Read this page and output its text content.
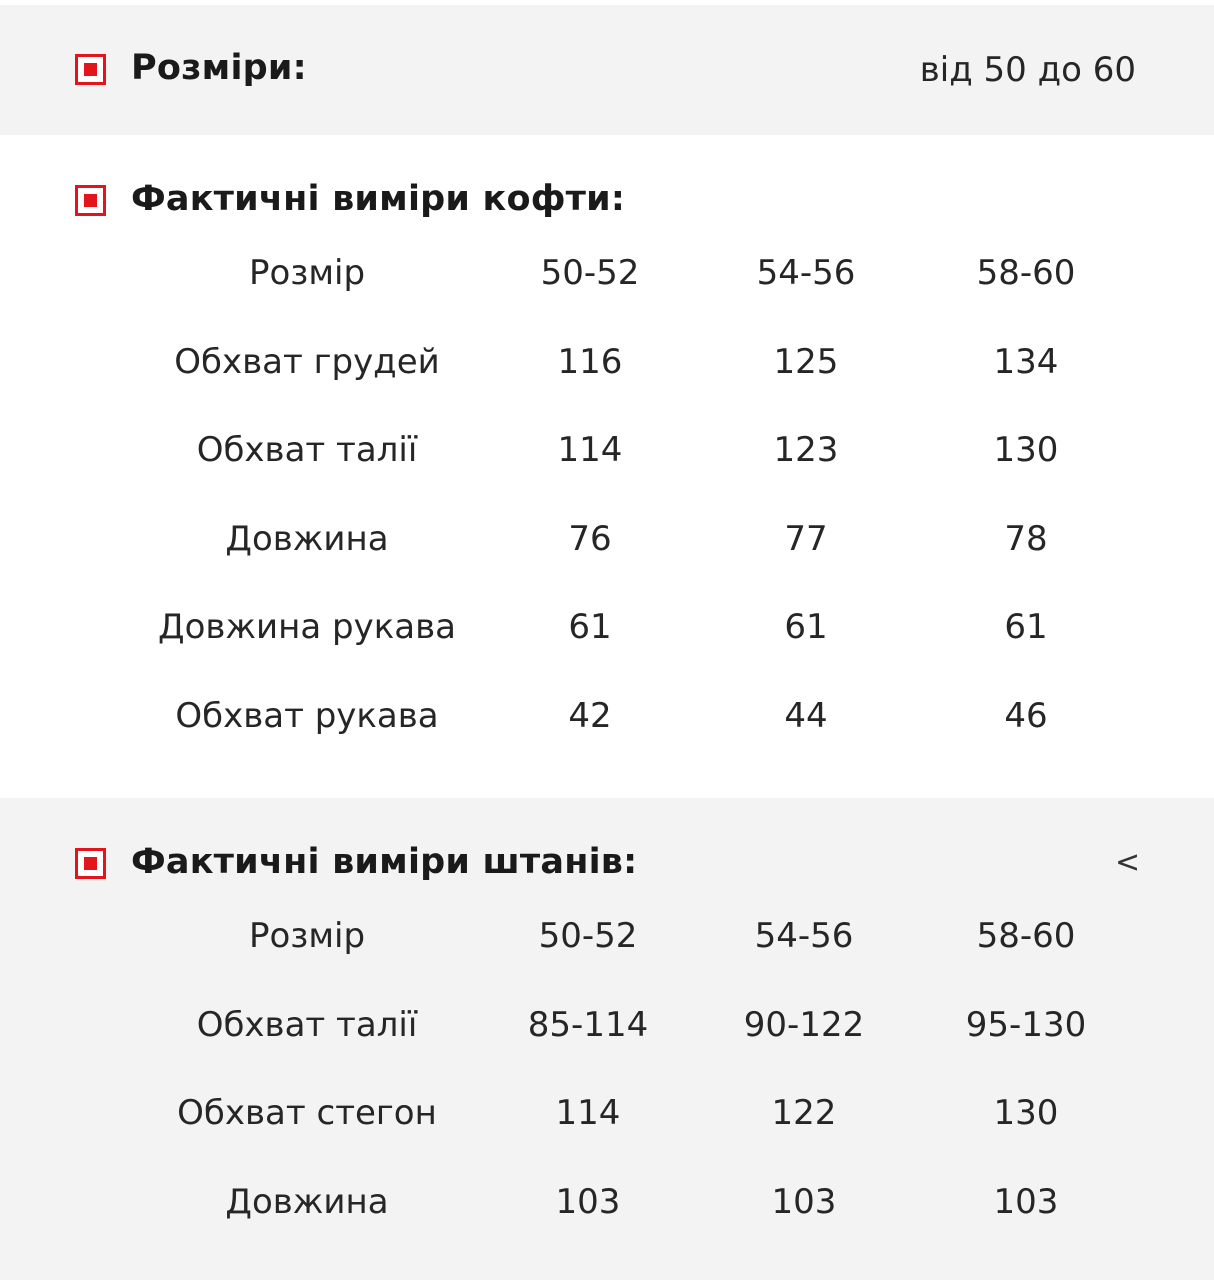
Розміри:	від 50 до 60
Фактичні виміри кофти:
Розмір	50-52	54-56	58-60
Обхват грудей	116	125	134
Обхват талії	114	123	130
Довжина	76	77	78
Довжина рукава	61	61	61
Обхват рукава	42	44	46
Фактичні виміри штанів:	<
Розмір	50-52	54-56	58-60
Обхват талії	85-114	90-122	95-130
Обхват стегон	114	122	130
Довжина	103	103	103
